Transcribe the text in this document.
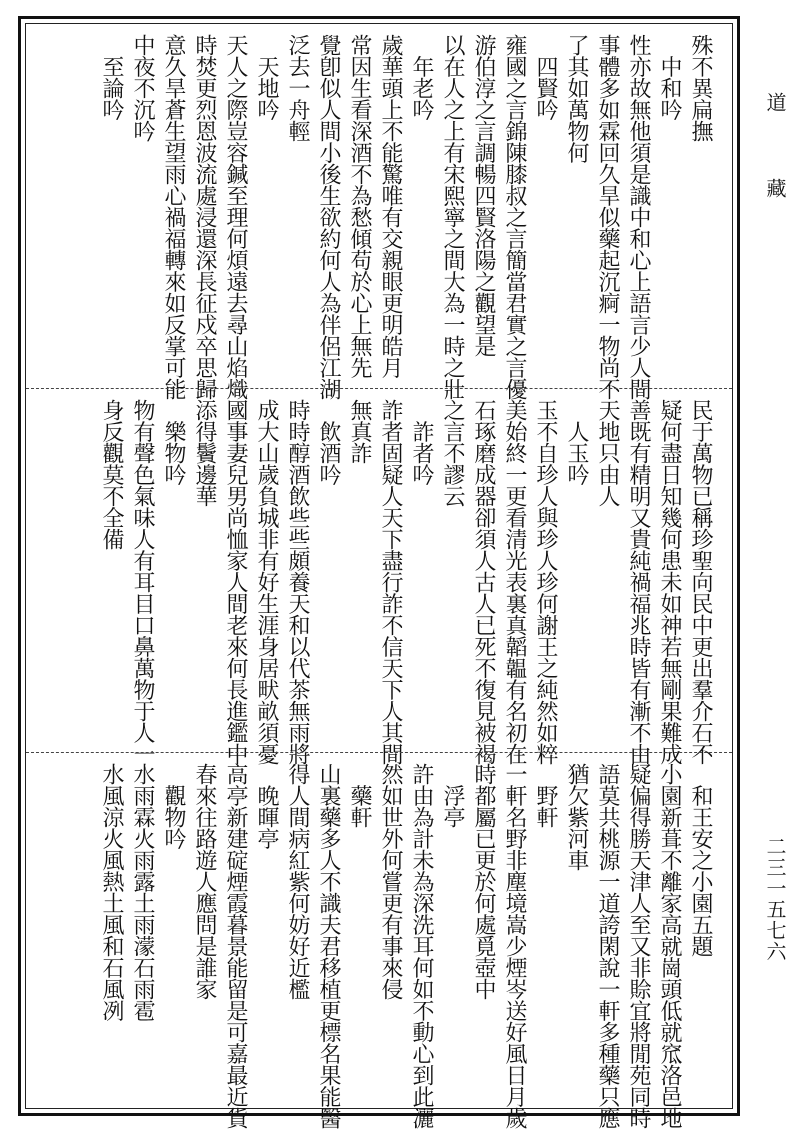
殊不異扁撫
　中和吟
性亦故無他須是識中和心上語言少人間
事體多如霖回久旱似藥起沉痾一物尚不
了其如萬物何
　四賢吟
雍國之言錦陳膝叔之言簡當君實之言優
游伯淳之言調暢四賢洛陽之觀望是
以在人之上有宋熙寧之間大為一時之壯
　年老吟
歲華頭上不能驚唯有交親眼更明皓月
常因生看深酒不為愁傾苟於心上無先
覺卽似人間小後生欲約何人為伴侶江湖
泛去一舟輕
　天地吟
天人之際豈容鍼至理何煩遠去尋山焰熾
時焚更烈恩波流處浸還深長征戍卒思歸
意久旱蒼生望雨心禍福轉來如反掌可能
中夜不沉吟
　至論吟
民于萬物已稱珍聖向民中更出羣介石不
疑何盡日知幾何患未如神若無剛果難成
善既有精明又貴純禍福兆時皆有漸不由
天地只由人
　人玉吟
玉不自珍人與珍人珍何謝王之純然如粹
美始終一更看清光表裏真韜韞有名初在
石琢磨成器卻須人古人已死不復見被褐
之言不謬云
　詐者吟
詐者固疑人天下盡行詐不信天下人其間
無真詐
　飲酒吟
時時醇酒飲些些頗養天和以代茶無雨將
成大山歲負城非有好生涯身居畎畝須憂
國事妻兒男尚恤家人間老來何長進鑑中
添得鬢邊華
　樂物吟
物有聲色氣味人有耳目口鼻萬物于人一
身反觀莫不全備
　和王安之小園五題
小園新葺不離家高就崗頭低就窊洛邑地
疑偏得勝天津人至又非賒宜將閒苑同時
語莫共桃源一道誇閑說一軒多種藥只應
猶欠紫河車
　野軒
一軒名野非塵境嵩少煙岑送好風日月歲
時都屬已更於何處覓壺中
　浮亭
許由為計未為深洗耳何如不動心到此灑
然如世外何嘗更有事來侵
　藥軒
山裏藥多人不識夫君移植更標名果能醫
得人間病紅紫何妨好近檻
　晚暉亭
高亭新建碇煙霞暮景能留是可嘉最近貨
春來往路遊人應問是誰家
　觀物吟
水雨霖火雨露土雨濛石雨雹
水風涼火風熱土風和石風冽
道
藏
二三一五七六
